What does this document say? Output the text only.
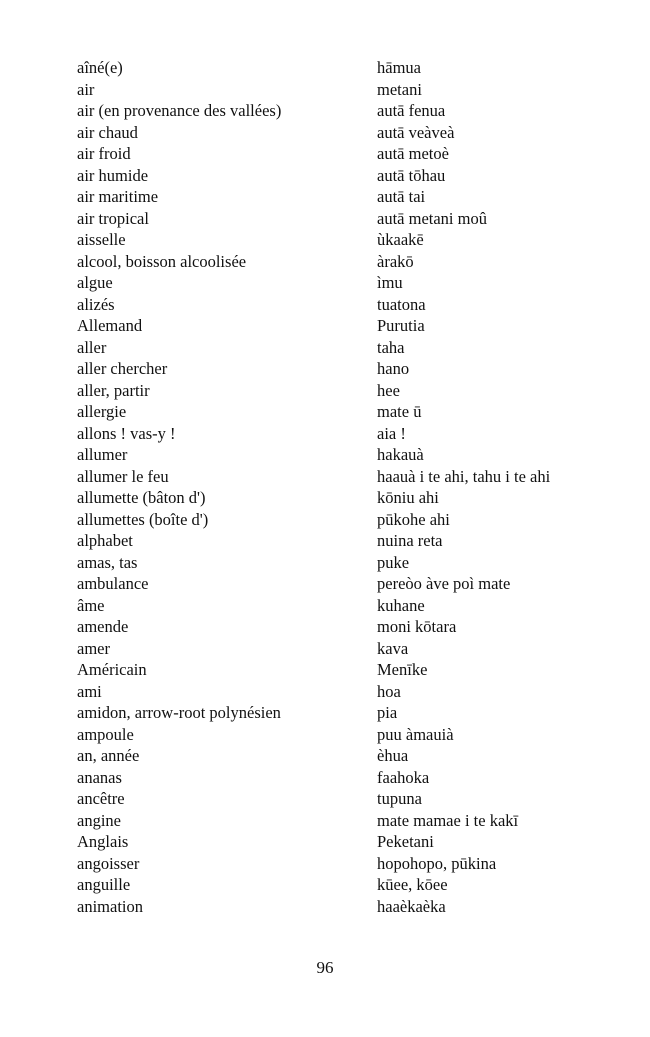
aîné(e)	hāmua
air	metani
air (en provenance des vallées)	autā fenua
air chaud	autā veàveà
air froid	autā metoè
air humide	autā tōhau
air maritime	autā tai
air tropical	autā metani moû
aisselle	ùkaakē
alcool, boisson alcoolisée	àrakō
algue	ìmu
alizés	tuatona
Allemand	Purutia
aller	taha
aller chercher	hano
aller, partir	hee
allergie	mate ū
allons ! vas-y !	aia !
allumer	hakauà
allumer le feu	haauà i te ahi, tahu i te ahi
allumette (bâton d')	kōniu ahi
allumettes (boîte d')	pūkohe ahi
alphabet	nuina reta
amas, tas	puke
ambulance	pereòo àve poì mate
âme	kuhane
amende	moni kōtara
amer	kava
Américain	Menīke
ami	hoa
amidon, arrow-root polynésien	pia
ampoule	puu àmauià
an, année	èhua
ananas	faahoka
ancêtre	tupuna
angine	mate mamae i te kakī
Anglais	Peketani
angoisser	hopohopo, pūkina
anguille	kūee, kōee
animation	haaèkaèka
96
